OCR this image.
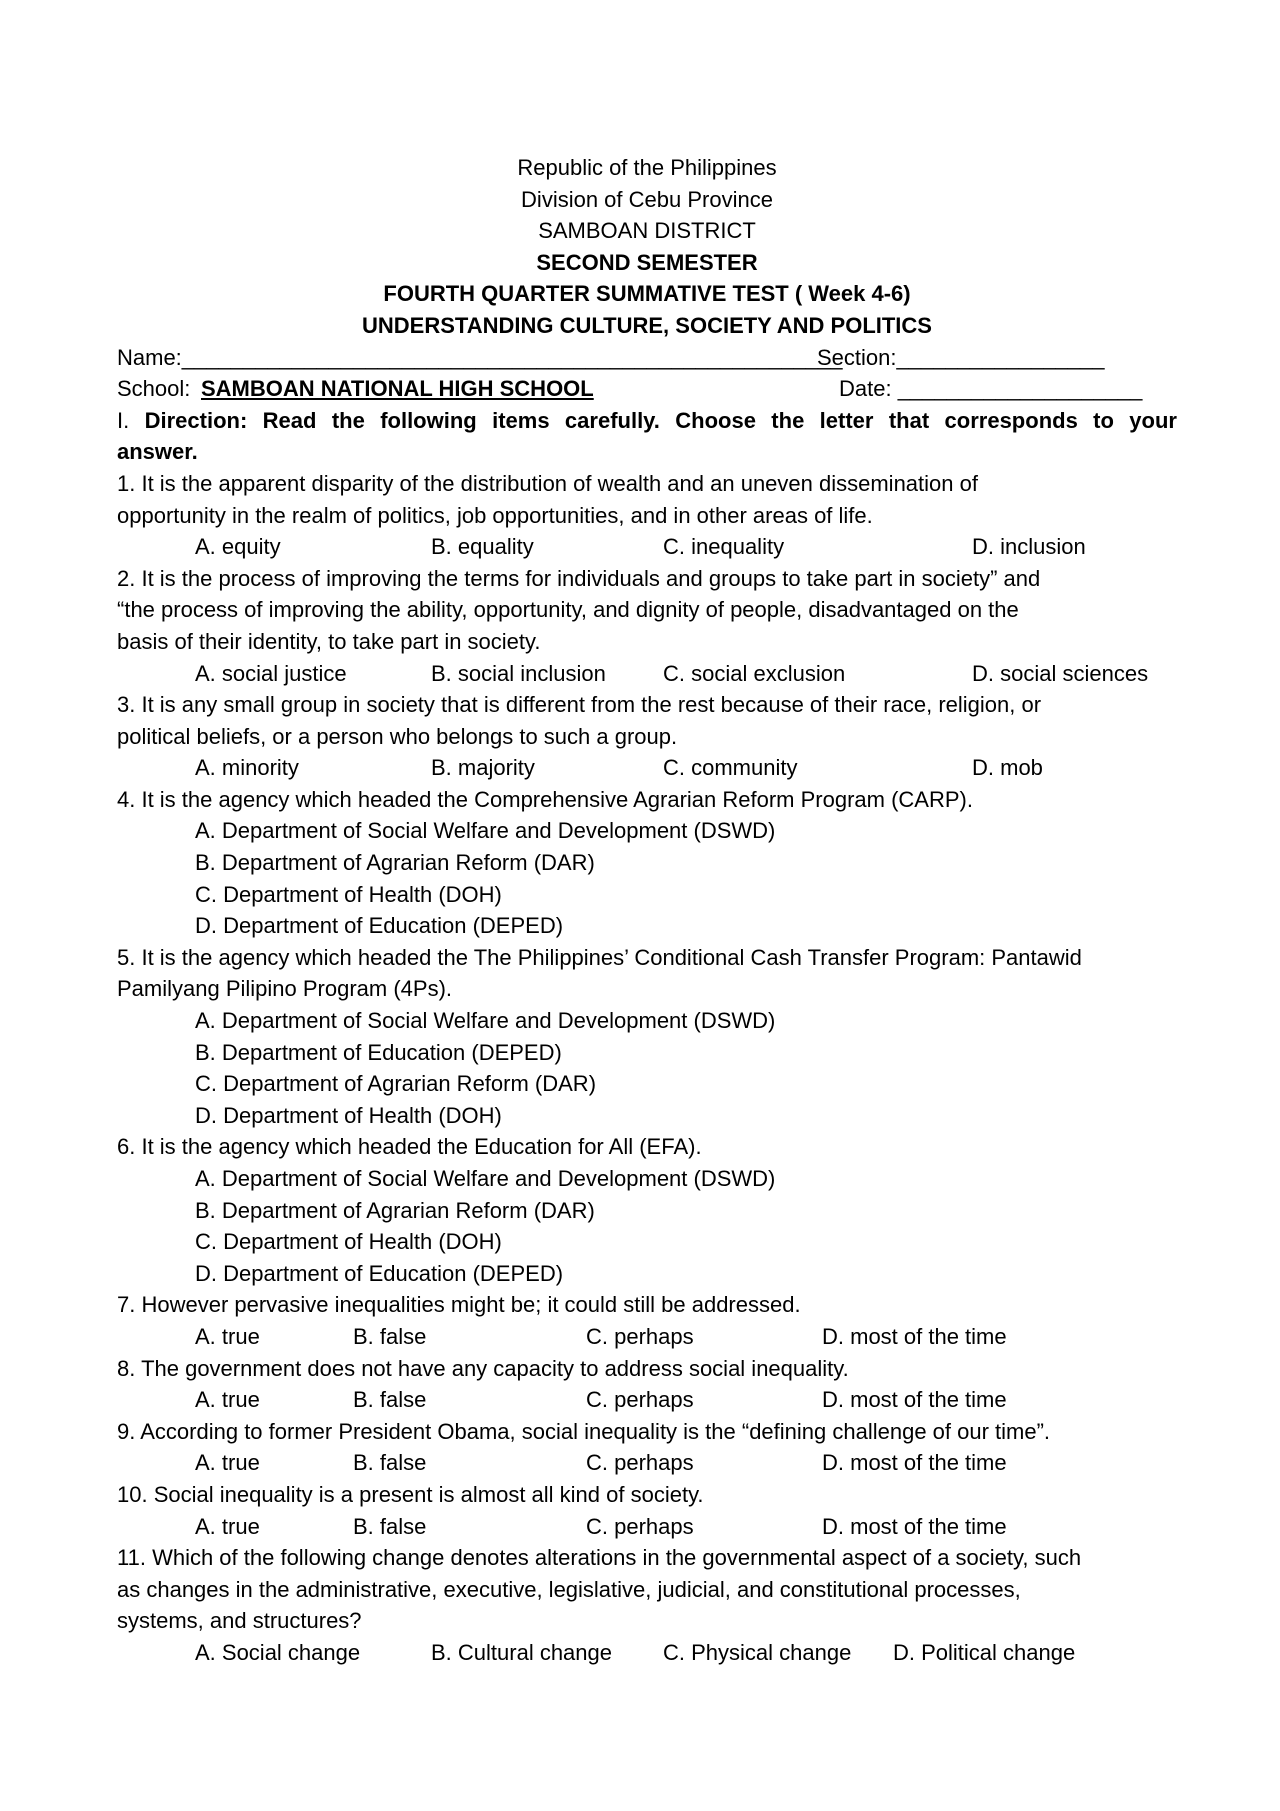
Republic of the Philippines
Division of Cebu Province
SAMBOAN DISTRICT
SECOND SEMESTER
FOURTH QUARTER SUMMATIVE TEST ( Week 4-6)
UNDERSTANDING CULTURE, SOCIETY AND POLITICS
Name:______________________________________________________
Section:_________________
School: SAMBOAN NATIONAL HIGH SCHOOL	Date: ____________________
I. Direction: Read the following items carefully. Choose the letter that corresponds to your
answer.
1. It is the apparent disparity of the distribution of wealth and an uneven dissemination of
opportunity in the realm of politics, job opportunities, and in other areas of life.
A. equity	B. equality	C. inequality	D. inclusion
2. It is the process of improving the terms for individuals and groups to take part in society” and
“the process of improving the ability, opportunity, and dignity of people, disadvantaged on the
basis of their identity, to take part in society.
A. social justice	B. social inclusion	C. social exclusion	D. social sciences
3. It is any small group in society that is different from the rest because of their race, religion, or
political beliefs, or a person who belongs to such a group.
A. minority	B. majority	C. community	D. mob
4. It is the agency which headed the Comprehensive Agrarian Reform Program (CARP).
A. Department of Social Welfare and Development (DSWD)
B. Department of Agrarian Reform (DAR)
C. Department of Health (DOH)
D. Department of Education (DEPED)
5. It is the agency which headed the The Philippines’ Conditional Cash Transfer Program: Pantawid
Pamilyang Pilipino Program (4Ps).
A. Department of Social Welfare and Development (DSWD)
B. Department of Education (DEPED)
C. Department of Agrarian Reform (DAR)
D. Department of Health (DOH)
6. It is the agency which headed the Education for All (EFA).
A. Department of Social Welfare and Development (DSWD)
B. Department of Agrarian Reform (DAR)
C. Department of Health (DOH)
D. Department of Education (DEPED)
7. However pervasive inequalities might be; it could still be addressed.
A. true	B. false	C. perhaps	D. most of the time
8. The government does not have any capacity to address social inequality.
A. true	B. false	C. perhaps	D. most of the time
9. According to former President Obama, social inequality is the “defining challenge of our time”.
A. true	B. false	C. perhaps	D. most of the time
10. Social inequality is a present is almost all kind of society.
A. true	B. false	C. perhaps	D. most of the time
11. Which of the following change denotes alterations in the governmental aspect of a society, such
as changes in the administrative, executive, legislative, judicial, and constitutional processes,
systems, and structures?
A. Social change	B. Cultural change C. Physical change D. Political change
